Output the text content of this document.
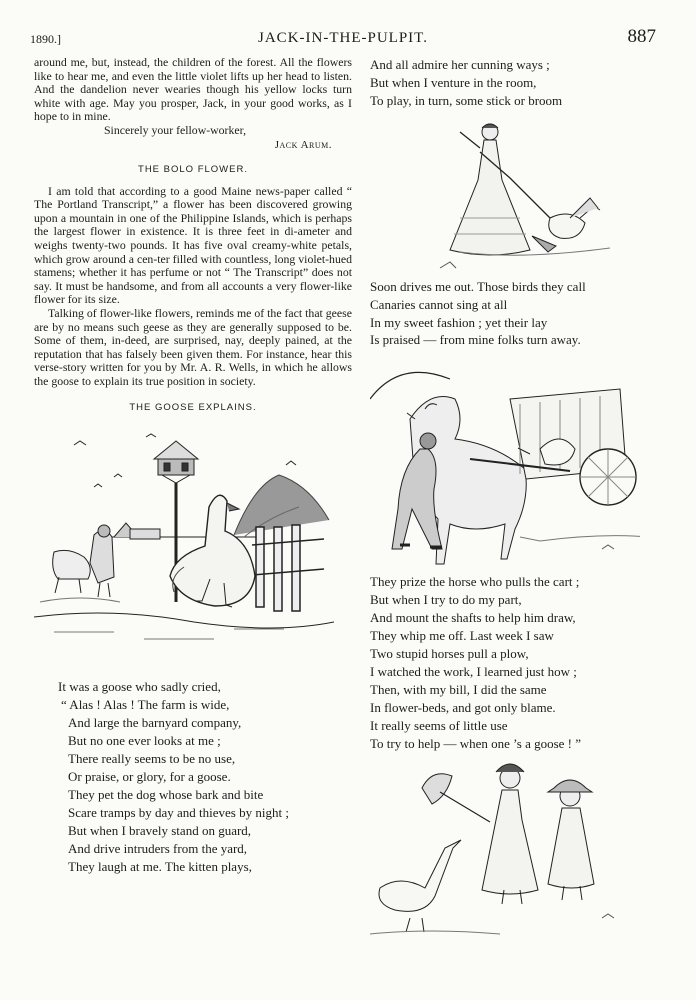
1890.]	JACK-IN-THE-PULPIT.	887

around me, but, instead, the children of the forest. All the flowers like to hear me, and even the little violet lifts up her head to listen. And the dandelion never wearies though his yellow locks turn white with age. May you prosper, Jack, in your good works, as I hope to in mine.

Sincerely your fellow-worker,

Jack Arum.

THE BOLO FLOWER.

I am told that according to a good Maine news-paper called “ The Portland Transcript,” a flower has been discovered growing upon a mountain in one of the Philippine Islands, which is perhaps the largest flower in existence. It is three feet in di-ameter and weighs twenty-two pounds. It has five oval creamy-white petals, which grow around a cen-ter filled with countless, long violet-hued stamens; whether it has perfume or not “ The Transcript” does not say. It must be handsome, and from all accounts a very flower-like flower for its size.

Talking of flower-like flowers, reminds me of the fact that geese are by no means such geese as they are generally supposed to be. Some of them, in-deed, are surprised, nay, deeply pained, at the reputation that has falsely been given them. For instance, hear this verse-story written for you by Mr. A. R. Wells, in which he allows the goose to explain its true position in society.

THE GOOSE EXPLAINS.
It was a goose who sadly cried,
“ Alas ! Alas ! The farm is wide,
And large the barnyard company,
But no one ever looks at me ;
There really seems to be no use,
Or praise, or glory, for a goose.
They pet the dog whose bark and bite
Scare tramps by day and thieves by night ;
But when I bravely stand on guard,
And drive intruders from the yard,
They laugh at me. The kitten plays,
And all admire her cunning ways ;
But when I venture in the room,
To play, in turn, some stick or broom
Soon drives me out. Those birds they call
Canaries cannot sing at all
In my sweet fashion ; yet their lay
Is praised — from mine folks turn away.
They prize the horse who pulls the cart ;
But when I try to do my part,
And mount the shafts to help him draw,
They whip me off. Last week I saw
Two stupid horses pull a plow,
I watched the work, I learned just how ;
Then, with my bill, I did the same
In flower-beds, and got only blame.
It really seems of little use
To try to help — when one ’s a goose ! ”
